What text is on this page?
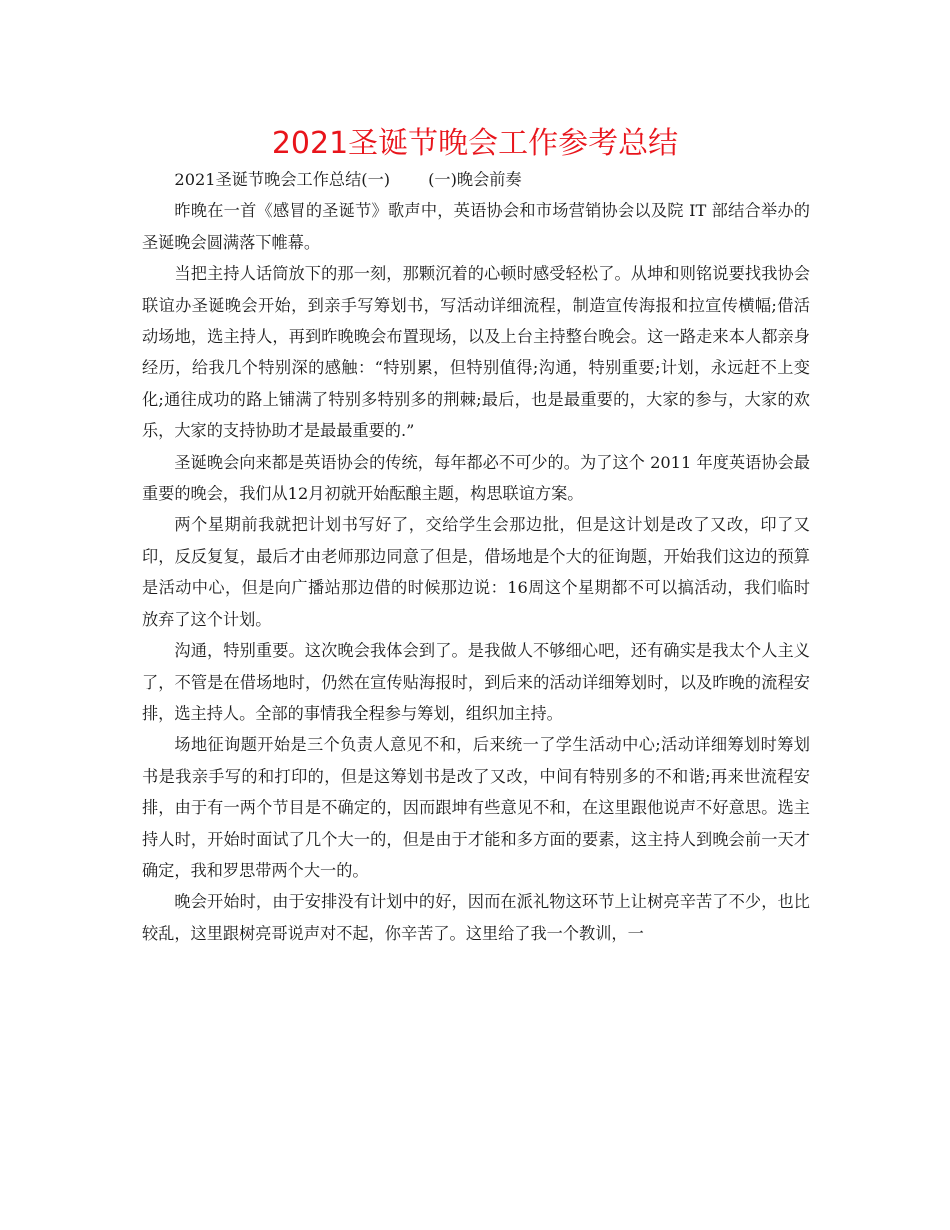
2021圣诞节晚会工作参考总结

2021圣诞节晚会工作总结(一) (一)晚会前奏

昨晚在一首《感冒的圣诞节》歌声中，英语协会和市场营销协会以及院 IT 部结合举办的圣诞晚会圆满落下帷幕。

当把主持人话筒放下的那一刻，那颗沉着的心顿时感受轻松了。从坤和则铭说要找我协会联谊办圣诞晚会开始，到亲手写筹划书，写活动详细流程，制造宣传海报和拉宣传横幅;借活动场地，选主持人，再到昨晚晚会布置现场，以及上台主持整台晚会。这一路走来本人都亲身经历，给我几个特别深的感触：“特别累，但特别值得;沟通，特别重要;计划，永远赶不上变化;通往成功的路上铺满了特别多特别多的荆棘;最后，也是最重要的，大家的参与，大家的欢乐，大家的支持协助才是最最重要的.”

圣诞晚会向来都是英语协会的传统，每年都必不可少的。为了这个 2011 年度英语协会最重要的晚会，我们从12月初就开始酝酿主题，构思联谊方案。

两个星期前我就把计划书写好了，交给学生会那边批，但是这计划是改了又改，印了又印，反反复复，最后才由老师那边同意了但是，借场地是个大的征询题，开始我们这边的预算是活动中心，但是向广播站那边借的时候那边说：16周这个星期都不可以搞活动，我们临时放弃了这个计划。

沟通，特别重要。这次晚会我体会到了。是我做人不够细心吧，还有确实是我太个人主义了，不管是在借场地时，仍然在宣传贴海报时，到后来的活动详细筹划时，以及昨晚的流程安排，选主持人。全部的事情我全程参与筹划，组织加主持。

场地征询题开始是三个负责人意见不和，后来统一了学生活动中心;活动详细筹划时筹划书是我亲手写的和打印的，但是这筹划书是改了又改，中间有特别多的不和谐;再来世流程安排，由于有一两个节目是不确定的，因而跟坤有些意见不和，在这里跟他说声不好意思。选主持人时，开始时面试了几个大一的，但是由于才能和多方面的要素，这主持人到晚会前一天才确定，我和罗思带两个大一的。

晚会开始时，由于安排没有计划中的好，因而在派礼物这环节上让树亮辛苦了不少，也比较乱，这里跟树亮哥说声对不起，你辛苦了。这里给了我一个教训，一
